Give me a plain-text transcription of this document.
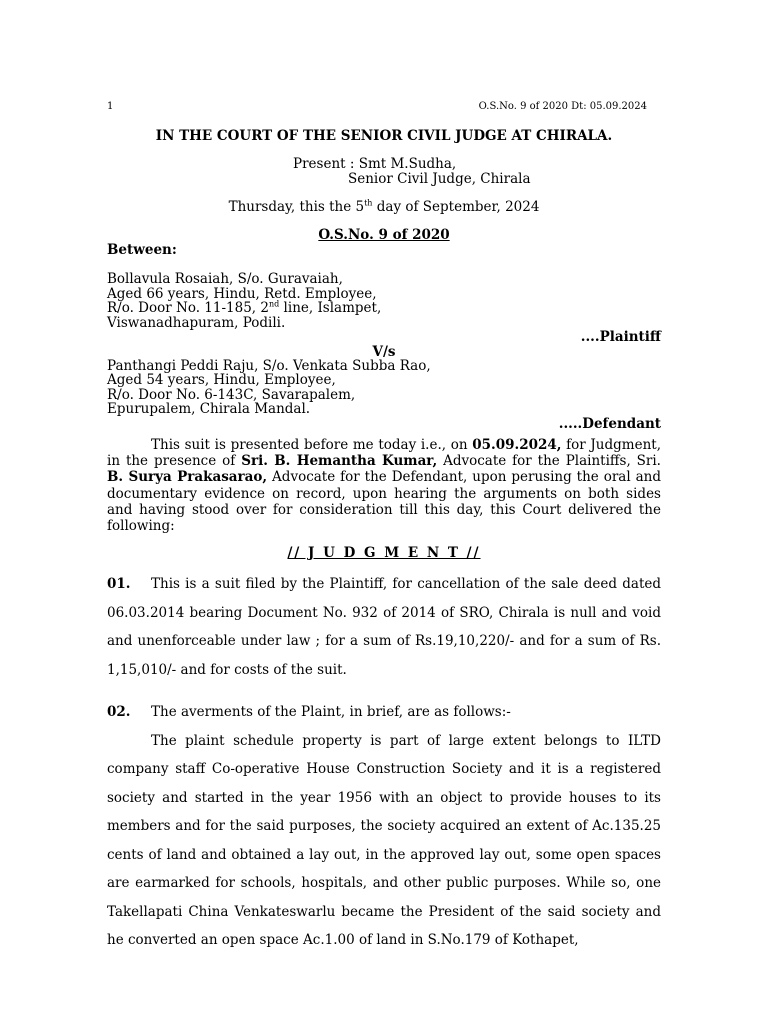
1	O.S.No. 9 of 2020 Dt: 05.09.2024

IN THE COURT OF THE SENIOR CIVIL JUDGE AT CHIRALA.

Present : Smt M.Sudha,
Senior Civil Judge, Chirala
Thursday, this the 5th day of September, 2024
O.S.No. 9 of 2020
Between:
Bollavula Rosaiah, S/o. Guravaiah,
Aged 66 years, Hindu, Retd. Employee,
R/o. Door No. 11-185, 2nd line, Islampet,
Viswanadhapuram, Podili.
....Plaintiff
V/s
Panthangi Peddi Raju, S/o. Venkata Subba Rao,
Aged 54 years, Hindu, Employee,
R/o. Door No. 6-143C, Savarapalem,
Epurupalem, Chirala Mandal.
.....Defendant

This suit is presented before me today i.e., on 05.09.2024, for Judgment, in the presence of Sri. B. Hemantha Kumar, Advocate for the Plaintiffs, Sri. B. Surya Prakasarao, Advocate for the Defendant, upon perusing the oral and documentary evidence on record, upon hearing the arguments on both sides and having stood over for consideration till this day, this Court delivered the following:

// J U D G M E N T //

01. This is a suit filed by the Plaintiff, for cancellation of the sale deed dated 06.03.2014 bearing Document No. 932 of 2014 of SRO, Chirala is null and void and unenforceable under law ; for a sum of Rs.19,10,220/- and for a sum of Rs. 1,15,010/- and for costs of the suit.

02. The averments of the Plaint, in brief, are as follows:-

The plaint schedule property is part of large extent belongs to ILTD company staff Co-operative House Construction Society and it is a registered society and started in the year 1956 with an object to provide houses to its members and for the said purposes, the society acquired an extent of Ac.135.25 cents of land and obtained a lay out, in the approved lay out, some open spaces are earmarked for schools, hospitals, and other public purposes. While so, one Takellapati China Venkateswarlu became the President of the said society and he converted an open space Ac.1.00 of land in S.No.179 of Kothapet,
